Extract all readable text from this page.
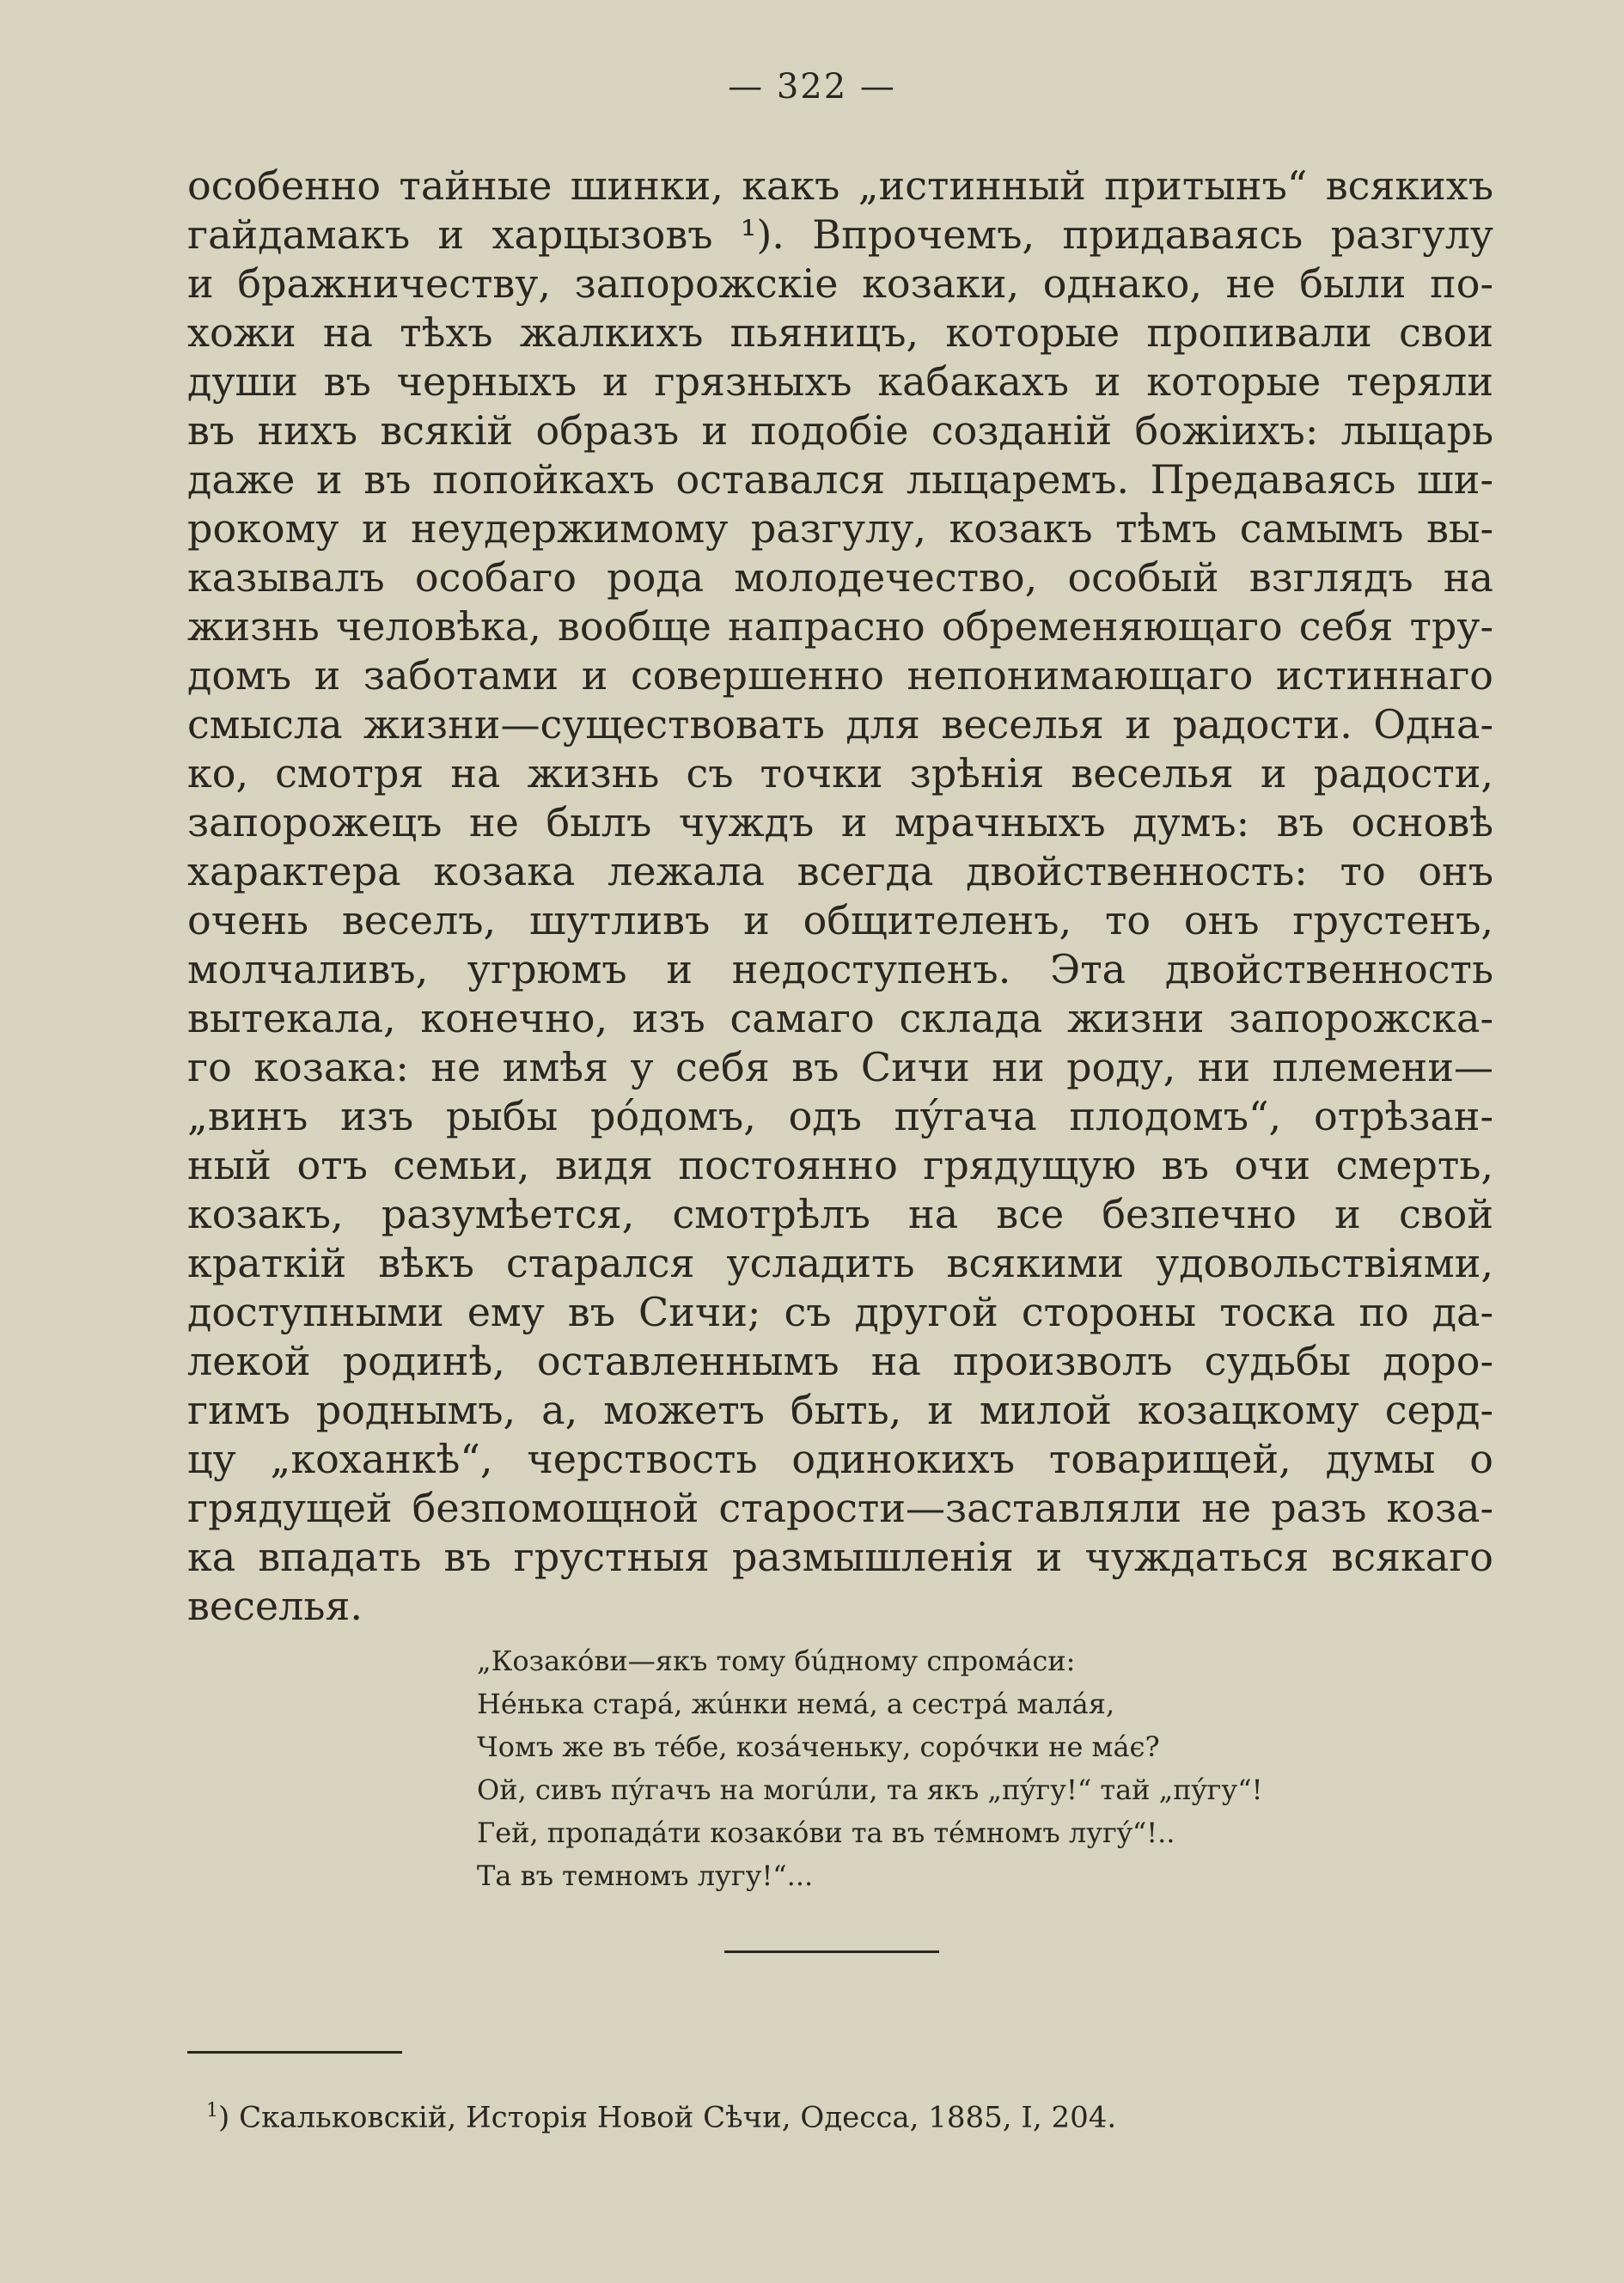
— 322 —
особенно тайные шинки, какъ „истинный притынъ“ всякихъ
гайдамакъ и харцызовъ ¹). Впрочемъ, придаваясь разгулу
и бражничеству, запорожскіе козаки, однако, не были по-
хожи на тѣхъ жалкихъ пьяницъ, которые пропивали свои
души въ черныхъ и грязныхъ кабакахъ и которые теряли
въ нихъ всякій образъ и подобіе созданій божіихъ: лыцарь
даже и въ попойкахъ оставался лыцаремъ. Предаваясь ши-
рокому и неудержимому разгулу, козакъ тѣмъ самымъ вы-
казывалъ особаго рода молодечество, особый взглядъ на
жизнь человѣка, вообще напрасно обременяющаго себя тру-
домъ и заботами и совершенно непонимающаго истиннаго
смысла жизни—существовать для веселья и радости. Одна-
ко, смотря на жизнь съ точки зрѣнія веселья и радости,
запорожецъ не былъ чуждъ и мрачныхъ думъ: въ основѣ
характера козака лежала всегда двойственность: то онъ
очень веселъ, шутливъ и общителенъ, то онъ грустенъ,
молчаливъ, угрюмъ и недоступенъ. Эта двойственность
вытекала, конечно, изъ самаго склада жизни запорожска-
го козака: не имѣя у себя въ Сичи ни роду, ни племени—
„винъ изъ рыбы рóдомъ, одъ пýгача плодомъ“, отрѣзан-
ный отъ семьи, видя постоянно грядущую въ очи смерть,
козакъ, разумѣется, смотрѣлъ на все безпечно и свой
краткій вѣкъ старался усладить всякими удовольствіями,
доступными ему въ Сичи; съ другой стороны тоска по да-
лекой родинѣ, оставленнымъ на произволъ судьбы доро-
гимъ роднымъ, а, можетъ быть, и милой козацкому серд-
цу „коханкѣ“, черствость одинокихъ товарищей, думы о
грядущей безпомощной старости—заставляли не разъ коза-
ка впадать въ грустныя размышленія и чуждаться всякаго
веселья.
„Козакóви—якъ тому бúдному спромáси:
Нéнька старá, жúнки немá, а сестрá малáя,
Чомъ же въ тéбе, козáченьку, сорóчки не мáє?
Ой, сивъ пýгачъ на могúли, та якъ „пýгу!“ тай „пýгу“!
Гей, пропадáти козакóви та въ тéмномъ лугý“!..
Та въ темномъ лугу!“...
$^1$) Скальковскій, Исторія Новой Сѣчи, Одесса, 1885, I, 204.
